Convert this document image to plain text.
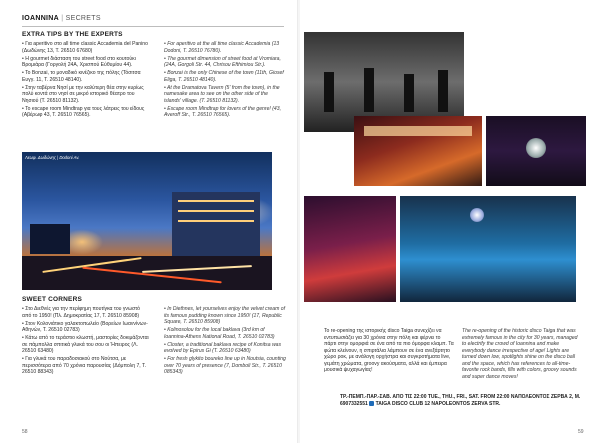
IOANNINA | SECRETS
EXTRA TIPS BY THE EXPERTS

• Για aperitivo στο all time classic Accademia del Panino (Δωδώνης 13, Τ. 26510 67680)

• Η gourmet διάσταση του street food στο κουτούκι Βρομιάρα (Γοργολή 24Α, Χρισπού Εύθυμίου 44).

• Το Bonzai, το μοναδικό κινέζικο της πόλης (Τόσιτσα Ευγγ. 11, Τ. 26510 48140).

• Στην ταβέρνα Νησί με την καλύτερη θέα στην κυρίως πολύ κοντά στο νησί σε μικρό ιστορικό θέατρο του Νησιού (Τ. 26510 81132).

• Το escape room Mindtrap για τους λάτρεις του είδους (Αβέρωφ 43, Τ. 26510 76565).

• For aperitivo at the all time classic Accademia (13 Dodoni, T. 26510 76780).

• The gourmet dimension of street food at Vromiara, (24A, Gorgoli Str. 44, Chrisou Efthimiou Str.).

• Bonzai is the only Chinese of the town (11th, Giosef Eliga, T. 26510 48140).

• At the Dramatova Tavern (5' from the town), in the namesake area to see on the other side of the islands' village. (T. 26510 81132).

• Escape room Mindtrap for lovers of the genre! (43, Averoff Str., T. 26510 76565).

Λεωφ. Δωδώνης | Dodoni Av.
SWEET CORNERS

• Στο Διεθνές για την περίφημη πουτίγκα του γνωστό από το 1950! (Πλ. Δημοκρατίας 17, Τ. 26510 85908)

• Στον Κολονιάτικο γαλακτοπωλείο (Βορείων Ιωαννίνων-Αθηνών, Τ. 26510 02783)

• Κάτω από το τεράστιο κλωστή, μαστορίες δοκιμάζονται σε πάμπολλα σπιτικά γλυκά του σου οι Ήπειρος (Λ. 26510 63480)

• Για γλυκά του παραδοσιακού στο Νούτσα, με περισσότερα από 70 χρόνια παρουσίας (Δόμπολη 7, Τ. 26510 88343)

• In Diethnes, let yourselves enjoy the velvet cream of its famous pudding known since 1950! (17, Republic Square, T. 26510 85908)

• Kolinosolou for the local baklava (3rd km of Ioannina-Athens National Road, T. 26510 02783)

• Closter, a traditional baklava recipe of Konitsa was evolved by Epirus Gi (T. 26510 63480)

• For fresh glykito boureko line up in Noutsia, counting over 70 years of presence (7, Domboli Str., T. 26510 085343)

58

Το re-opening της ιστορικής disco Taiga συνεχίζει να εντυπωσιάζει για 30 χρόνια στην πόλη και φέρνει το πάρτι στην ομορφιά σε ένα από τα πιο όμορφα κλαμπ. Τα φώτα κλείνουν, η σπιρτάλια λάμπουν σε ένα ανεξάρτητο χώρο ροκ, με ανάλογη ορχήστρα και συγκροτήματα live, γεμάτη χρώματα, groovy ακούσματα, αλλά και έμπειρα μουσικά ψυχαγωγίας!

The re-opening of the historic disco Taiga that was extremely famous in the city for 30 years, managed to electrify the crowd of Ioannina and make everybody dance irrespective of age! Lights are turned down low, spotlights shine on the disco ball and the space, which has references to all-time-favorite rock bands, fills with colors, groovy sounds and super dance moves!

ΤΡ.-ΠΕΜΠ.-ΠΑΡ.-ΣΑΒ. ΑΠΟ ΤΙΣ 22:00 TUE., THU., FRI., SAT. FROM 22:00 ΝΑΠΟΛΕΟΝΤΟΣ ΖΕΡΒΑ 2, Μ. 6907332551 TAIGA DISCO CLUB 12 NAPOLEONTOS ZERVA STR.
59
